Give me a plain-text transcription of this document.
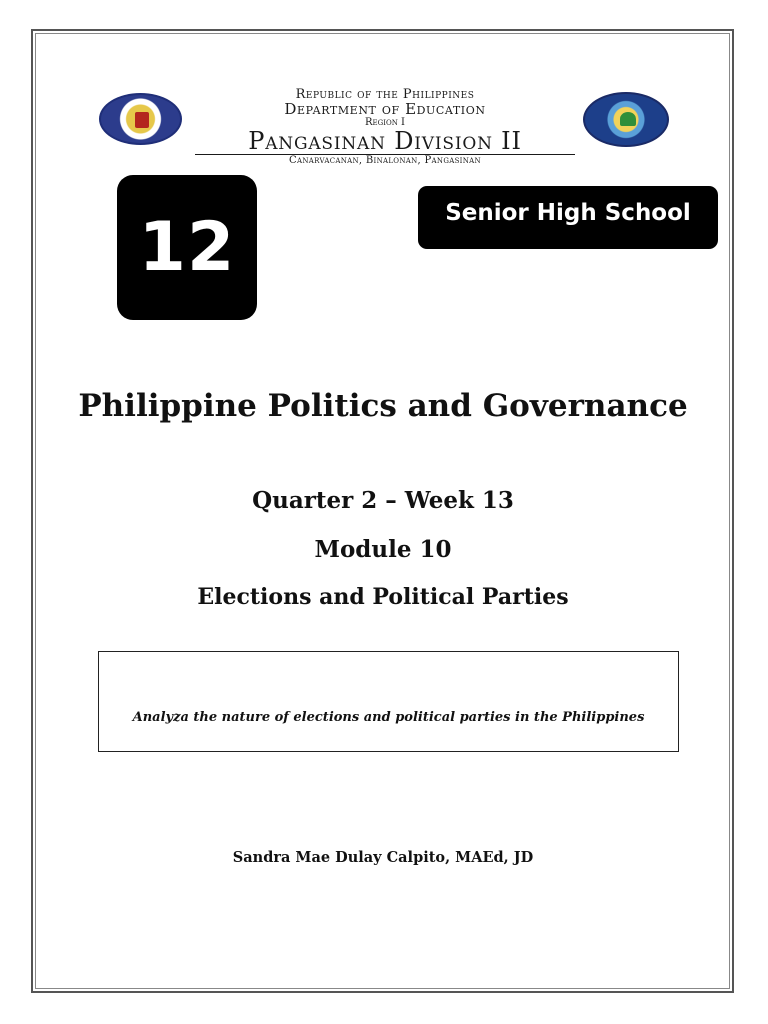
Republic of the Philippines
Department of Education
Region I
Pangasinan Division II
Canarvacanan, Binalonan, Pangasinan
12	Senior High School
Philippine Politics and Governance
Quarter 2 – Week 13
Module 10
Elections and Political Parties
Analyza the nature of elections and political parties in the Philippines
Sandra Mae Dulay Calpito, MAEd, JD
